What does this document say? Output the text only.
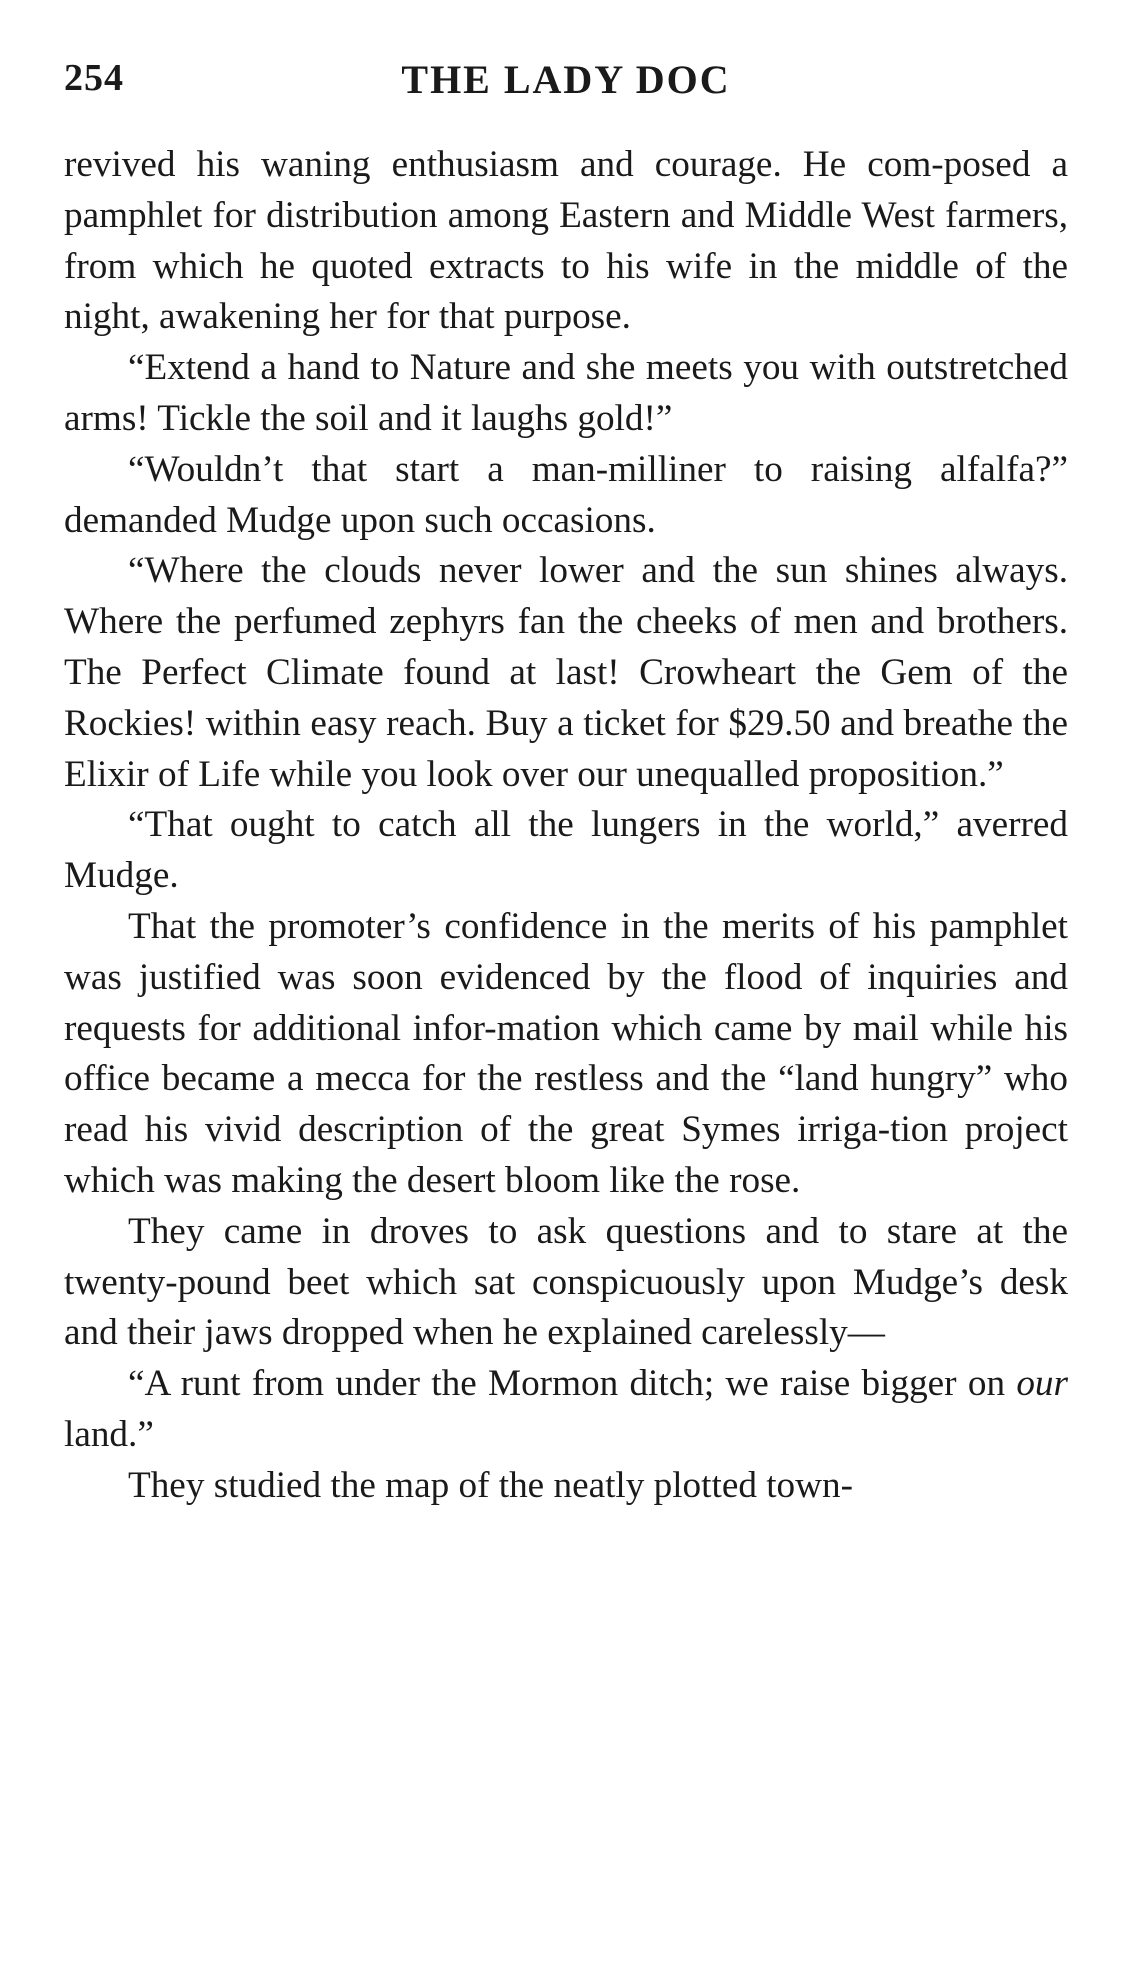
254	THE LADY DOC

revived his waning enthusiasm and courage. He com-posed a pamphlet for distribution among Eastern and Middle West farmers, from which he quoted extracts to his wife in the middle of the night, awakening her for that purpose.

“Extend a hand to Nature and she meets you with outstretched arms! Tickle the soil and it laughs gold!”

“Wouldn’t that start a man-milliner to raising alfalfa?” demanded Mudge upon such occasions.

“Where the clouds never lower and the sun shines always. Where the perfumed zephyrs fan the cheeks of men and brothers. The Perfect Climate found at last! Crowheart the Gem of the Rockies! within easy reach. Buy a ticket for $29.50 and breathe the Elixir of Life while you look over our unequalled proposition.”

“That ought to catch all the lungers in the world,” averred Mudge.

That the promoter’s confidence in the merits of his pamphlet was justified was soon evidenced by the flood of inquiries and requests for additional infor-mation which came by mail while his office became a mecca for the restless and the “land hungry” who read his vivid description of the great Symes irriga-tion project which was making the desert bloom like the rose.

They came in droves to ask questions and to stare at the twenty-pound beet which sat conspicuously upon Mudge’s desk and their jaws dropped when he explained carelessly—

“A runt from under the Mormon ditch; we raise bigger on our land.”

They studied the map of the neatly plotted town-
